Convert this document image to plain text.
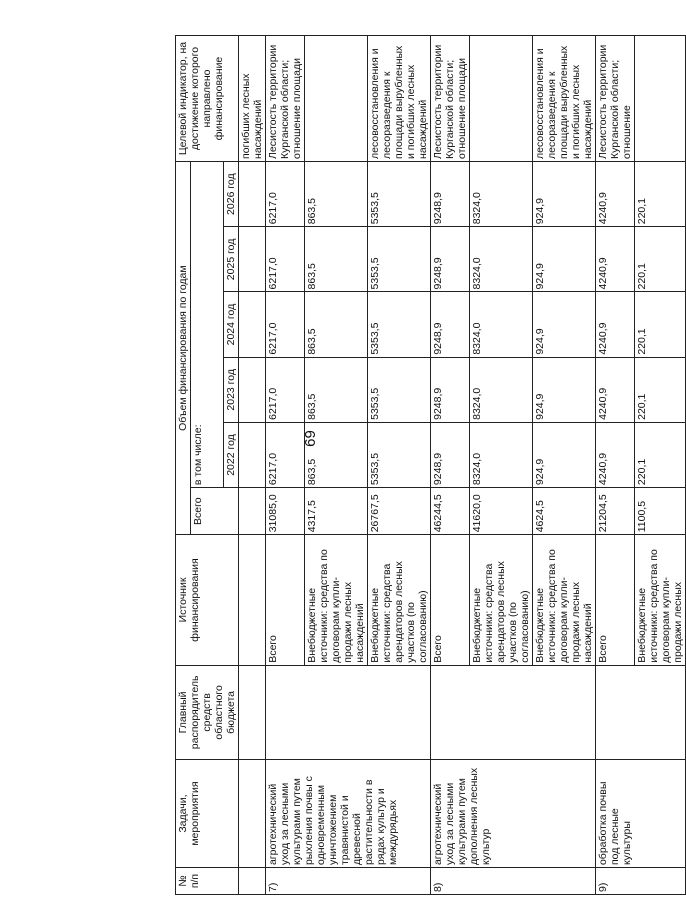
69
№ п/п	Задачи, мероприятия	Главный распорядитель средств областного бюджета	Источник финансирования	Объем финансирования по годам						Целевой индикатор, на достижение которого направлено финансирование
				Всего	в том числе:					
					2022 год	2023 год	2024 год	2025 год	2026 год	
										погибших лесных насаждений
7)	агротехнический уход за лесными культурами путем рыхления почвы с одновременным уничтожением травянистой и древесной растительности в рядах культур и междурядьях		Всего	31085,0	6217,0	6217,0	6217,0	6217,0	6217,0	Лесистость территории Курганской области; отношение площади
			Внебюджетные источники: средства по договорам купли-продажи лесных насаждений	4317,5	863,5	863,5	863,5	863,5	863,5	
			Внебюджетные источники: средства арендаторов лесных участков (по согласованию)	26767,5	5353,5	5353,5	5353,5	5353,5	5353,5	лесовосстановления и лесоразведения к площади вырубленных и погибших лесных насаждений
8)	агротехнический уход за лесными культурами путем дополнения лесных культур		Всего	46244,5	9248,9	9248,9	9248,9	9248,9	9248,9	Лесистость территории Курганской области; отношение площади
			Внебюджетные источники: средства арендаторов лесных участков (по согласованию)	41620,0	8324,0	8324,0	8324,0	8324,0	8324,0	
			Внебюджетные источники: средства по договорам купли-продажи лесных насаждений	4624,5	924,9	924,9	924,9	924,9	924,9	лесовосстановления и лесоразведения к площади вырубленных и погибших лесных насаждений
9)	обработка почвы под лесные культуры		Всего	21204,5	4240,9	4240,9	4240,9	4240,9	4240,9	Лесистость территории Курганской области; отношение
			Внебюджетные источники: средства по договорам купли-продажи лесных	1100,5	220,1	220,1	220,1	220,1	220,1	
